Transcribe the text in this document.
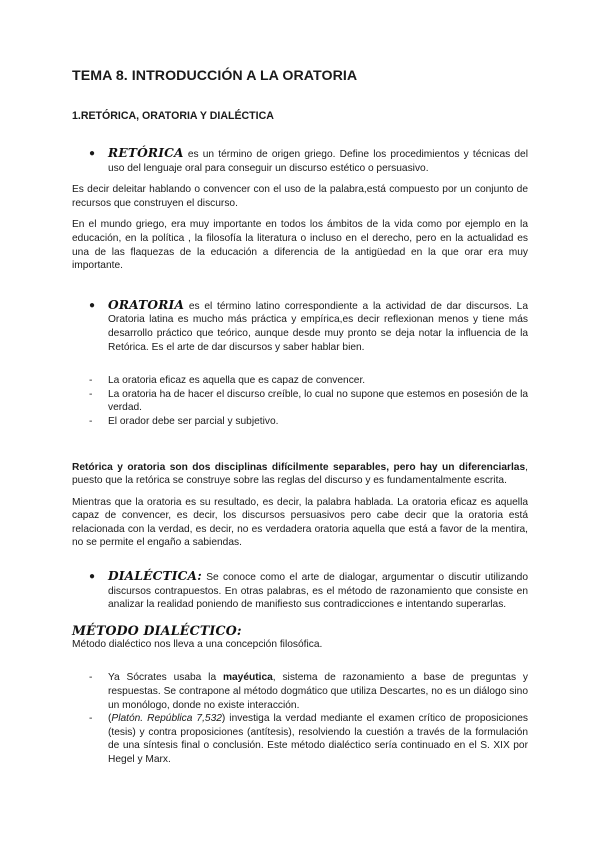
TEMA 8. INTRODUCCIÓN A LA ORATORIA
1.RETÓRICA, ORATORIA Y DIALÉCTICA

● RETÓRICA es un término de origen griego. Define los procedimientos y técnicas del uso del lenguaje oral para conseguir un discurso estético o persuasivo.

Es decir deleitar hablando o convencer con el uso de la palabra,está compuesto por un conjunto de recursos que construyen el discurso.

En el mundo griego, era muy importante en todos los ámbitos de la vida como por ejemplo en la educación, en la política , la filosofía la literatura o incluso en el derecho, pero en la actualidad es una de las flaquezas de la educación a diferencia de la antigüedad en la que orar era muy importante.

● ORATORIA es el término latino correspondiente a la actividad de dar discursos. La Oratoria latina es mucho más práctica y empírica,es decir reflexionan menos y tiene más desarrollo práctico que teórico, aunque desde muy pronto se deja notar la influencia de la Retórica. Es el arte de dar discursos y saber hablar bien.

- La oratoria eficaz es aquella que es capaz de convencer.
- La oratoria ha de hacer el discurso creíble, lo cual no supone que estemos en posesión de la verdad.
- El orador debe ser parcial y subjetivo.

Retórica y oratoria son dos disciplinas difícilmente separables, pero hay un diferenciarlas, puesto que la retórica se construye sobre las reglas del discurso y es fundamentalmente escrita.

Mientras que la oratoria es su resultado, es decir, la palabra hablada. La oratoria eficaz es aquella capaz de convencer, es decir, los discursos persuasivos pero cabe decir que la oratoria está relacionada con la verdad, es decir, no es verdadera oratoria aquella que está a favor de la mentira, no se permite el engaño a sabiendas.

● DIALÉCTICA: Se conoce como el arte de dialogar, argumentar o discutir utilizando discursos contrapuestos. En otras palabras, es el método de razonamiento que consiste en analizar la realidad poniendo de manifiesto sus contradicciones e intentando superarlas.

MÉTODO DIALÉCTICO:

Método dialéctico nos lleva a una concepción filosófica.

- Ya Sócrates usaba la mayéutica, sistema de razonamiento a base de preguntas y respuestas. Se contrapone al método dogmático que utiliza Descartes, no es un diálogo sino un monólogo, donde no existe interacción.
- (Platón. República 7,532) investiga la verdad mediante el examen crítico de proposiciones (tesis) y contra proposiciones (antítesis), resolviendo la cuestión a través de la formulación de una síntesis final o conclusión. Este método dialéctico sería continuado en el S. XIX por Hegel y Marx.
